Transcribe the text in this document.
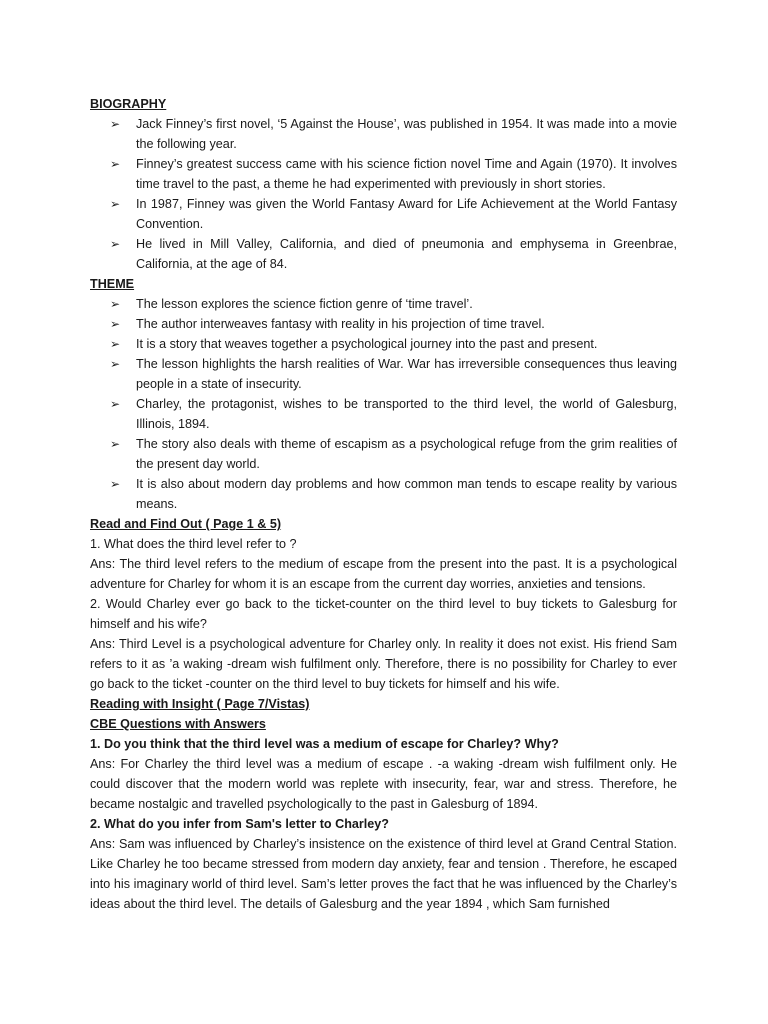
BIOGRAPHY
➢	Jack Finney’s first novel, ‘5 Against the House’, was published in 1954. It was made into a movie the following year.
➢	Finney’s greatest success came with his science fiction novel Time and Again (1970). It involves time travel to the past, a theme he had experimented with previously in short stories.
➢	In 1987, Finney was given the World Fantasy Award for Life Achievement at the World Fantasy Convention.
➢	He lived in Mill Valley, California, and died of pneumonia and emphysema in Greenbrae, California, at the age of 84.
THEME
➢	The lesson explores the science fiction genre of ‘time travel’.
➢	The author interweaves fantasy with reality in his projection of time travel.
➢	It is a story that weaves together a psychological journey into the past and present.
➢	The lesson highlights the harsh realities of War. War has irreversible consequences thus leaving people in a state of insecurity.
➢	Charley, the protagonist, wishes to be transported to the third level, the world of Galesburg, Illinois, 1894.
➢	The story also deals with theme of escapism as a psychological refuge from the grim realities of the present day world.
➢	It is also about modern day problems and how common man tends to escape reality by various means.
Read and Find Out ( Page 1 & 5)
1. What does the third level refer to ?
Ans: The third level refers to the medium of escape from the present into the past. It is a psychological adventure for Charley for whom it is an escape from the current day worries, anxieties and tensions.
2. Would Charley ever go back to the ticket-counter on the third level to buy tickets to Galesburg for himself and his wife?
Ans: Third Level is a psychological adventure for Charley only. In reality it does not exist. His friend Sam refers to it as ’a waking -dream wish fulfilment only. Therefore, there is no possibility for Charley to ever go back to the ticket -counter on the third level to buy tickets for himself and his wife.
Reading with Insight ( Page 7/Vistas)
CBE Questions with Answers
1. Do you think that the third level was a medium of escape for Charley? Why?
Ans: For Charley the third level was a medium of escape . -a waking -dream wish fulfilment only. He could discover that the modern world was replete with insecurity, fear, war and stress. Therefore, he became nostalgic and travelled psychologically to the past in Galesburg of 1894.
2. What do you infer from Sam's letter to Charley?
Ans: Sam was influenced by Charley’s insistence on the existence of third level at Grand Central Station. Like Charley he too became stressed from modern day anxiety, fear and tension . Therefore, he escaped into his imaginary world of third level. Sam’s letter proves the fact that he was influenced by the Charley’s ideas about the third level. The details of Galesburg and the year 1894 , which Sam furnished
